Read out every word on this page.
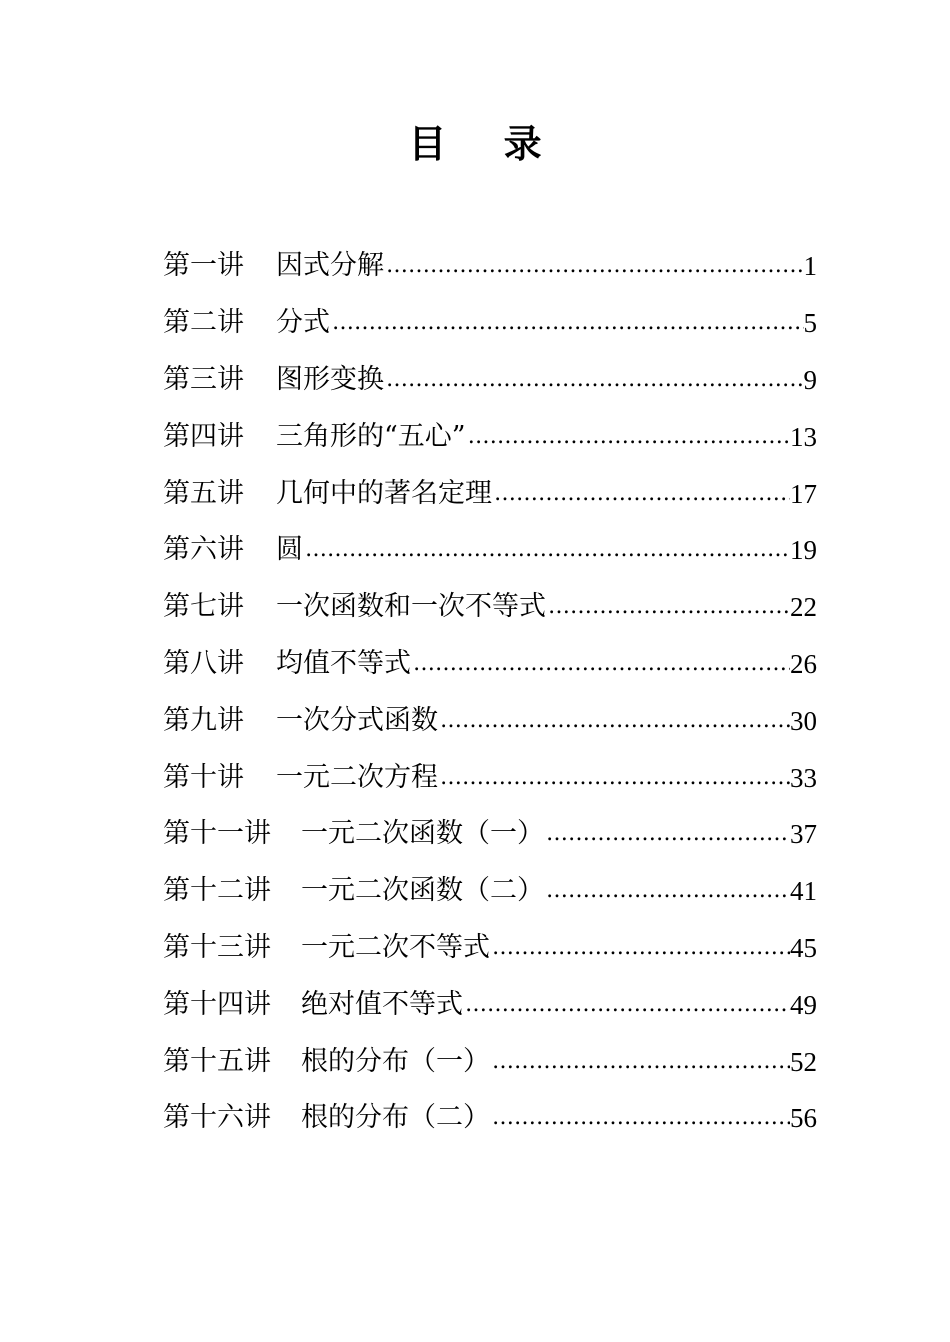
目 录
第一讲 因式分解 …………………………………………………………………………………………………………………………	1
第二讲 分式 …………………………………………………………………………………………………………………………	5
第三讲 图形变换 …………………………………………………………………………………………………………………………	9
第四讲 三角形的“五心” …………………………………………………………………………………………………………………………	13
第五讲 几何中的著名定理 …………………………………………………………………………………………………………………………	17
第六讲 圆 …………………………………………………………………………………………………………………………	19
第七讲 一次函数和一次不等式 …………………………………………………………………………………………………………………………	22
第八讲 均值不等式 …………………………………………………………………………………………………………………………	26
第九讲 一次分式函数 …………………………………………………………………………………………………………………………	30
第十讲 一元二次方程 …………………………………………………………………………………………………………………………	33
第十一讲 一元二次函数（一） …………………………………………………………………………………………………………………………	37
第十二讲 一元二次函数（二） …………………………………………………………………………………………………………………………	41
第十三讲 一元二次不等式 …………………………………………………………………………………………………………………………	45
第十四讲 绝对值不等式 …………………………………………………………………………………………………………………………	49
第十五讲 根的分布（一） …………………………………………………………………………………………………………………………	52
第十六讲 根的分布（二） …………………………………………………………………………………………………………………………	56
